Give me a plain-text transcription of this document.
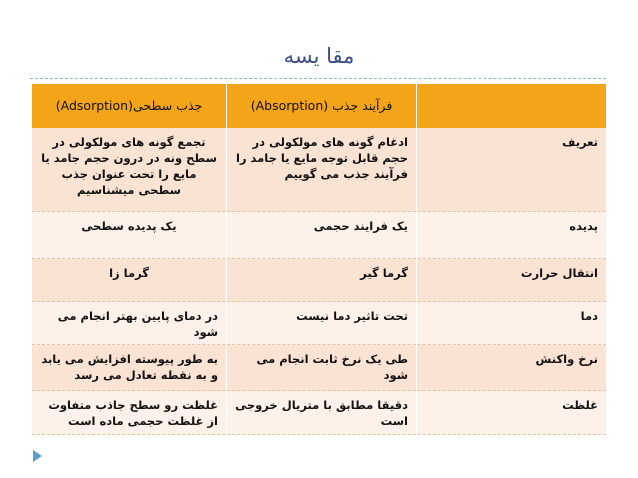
مقا یسه
فرآیند جذب (Absorption)
جذب سطحی(Adsorption)
تعریف
ادغام گونه های مولکولی در حجم قابل توجه مایع یا جامد را فرآیند جذب می گوییم
تجمع گونه های مولکولی در سطح ونه در درون حجم جامد یا مایع را تحت عنوان جذب سطحی میشناسیم
پدیده
یک فرایند حجمی
یک پدیده سطحی
انتقال حرارت
گرما گیر
گرما زا
دما
تحت تاثیر دما نیست
در دمای پایین بهتر انجام می شود
نرخ واکنش
طی یک نرخ ثابت انجام می شود
به طور پیوسته افزایش می یابد و به نقطه تعادل می رسد
غلظت
دقیقا مطابق با متریال خروجی است
غلظت رو سطح جاذب متفاوت از غلظت حجمی ماده است
